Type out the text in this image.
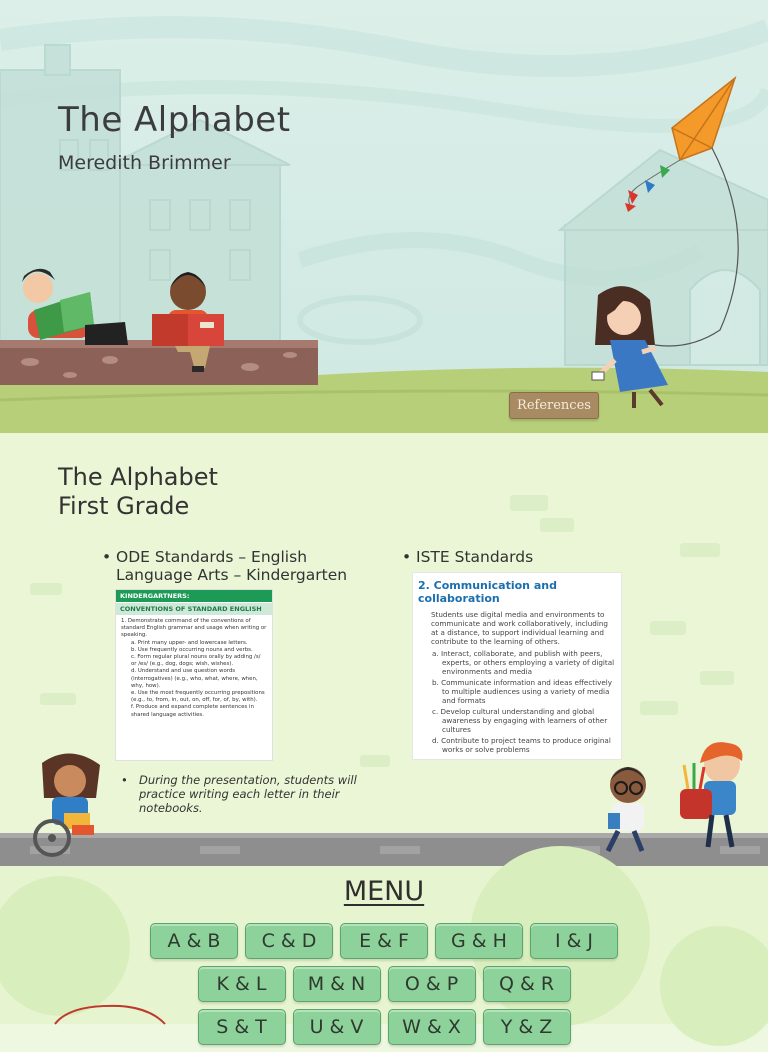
The Alphabet
Meredith Brimmer
References
The Alphabet
First Grade
• ODE Standards – English Language Arts – Kindergarten
• ISTE Standards
KINDERGARTNERS:
CONVENTIONS OF STANDARD ENGLISH
1. Demonstrate command of the conventions of standard English grammar and usage when writing or speaking.
a. Print many upper- and lowercase letters.
b. Use frequently occurring nouns and verbs.
c. Form regular plural nouns orally by adding /s/ or /es/ (e.g., dog, dogs; wish, wishes).
d. Understand and use question words (interrogatives) (e.g., who, what, where, when, why, how).
e. Use the most frequently occurring prepositions (e.g., to, from, in, out, on, off, for, of, by, with).
f. Produce and expand complete sentences in shared language activities.
2. Communication and collaboration
Students use digital media and environments to communicate and work collaboratively, including at a distance, to support individual learning and contribute to the learning of others.
a. Interact, collaborate, and publish with peers, experts, or others employing a variety of digital environments and media
b. Communicate information and ideas effectively to multiple audiences using a variety of media and formats
c. Develop cultural understanding and global awareness by engaging with learners of other cultures
d. Contribute to project teams to produce original works or solve problems
• During the presentation, students will practice writing each letter in their notebooks.
MENU
A & B	C & D	E & F	G & H	I & J
K & L	M & N	O & P	Q & R
S & T	U & V	W & X	Y & Z
